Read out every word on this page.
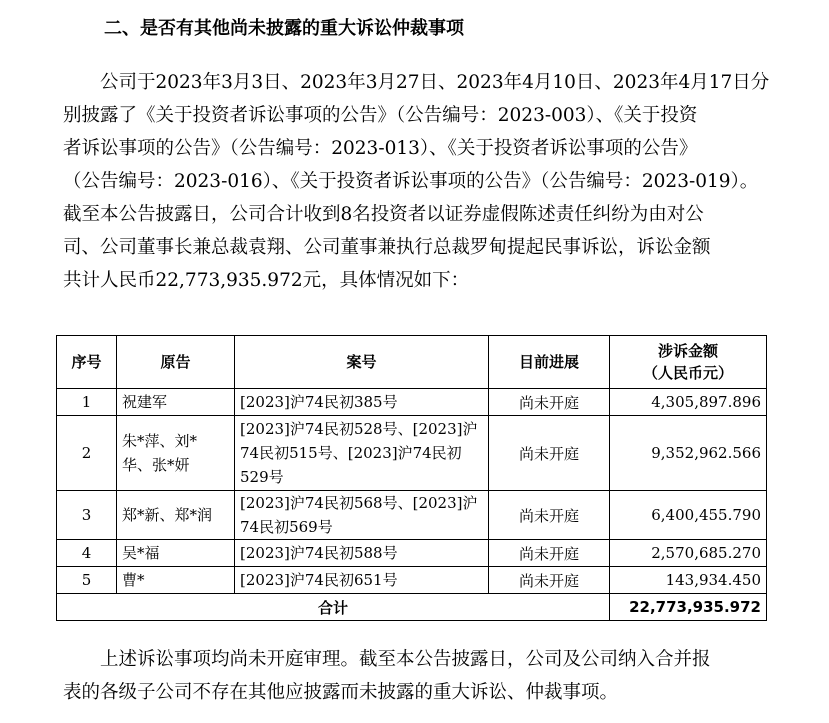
二、是否有其他尚未披露的重大诉讼仲裁事项
　　公司于2023年3月3日、2023年3月27日、2023年4月10日、2023年4月17日分
别披露了《关于投资者诉讼事项的公告》（公告编号：2023-003）、《关于投资
者诉讼事项的公告》（公告编号：2023-013）、《关于投资者诉讼事项的公告》
（公告编号：2023-016）、《关于投资者诉讼事项的公告》（公告编号：2023-019）。
截至本公告披露日，公司合计收到8名投资者以证券虚假陈述责任纠纷为由对公
司、公司董事长兼总裁袁翔、公司董事兼执行总裁罗甸提起民事诉讼，诉讼金额
共计人民币22,773,935.972元，具体情况如下：
序号	原告	案号	目前进展	涉诉金额
（人民币元）

1	祝建军	[2023]沪74民初385号	尚未开庭	4,305,897.896
2	朱*萍、刘*
华、张*妍	[2023]沪74民初528号、[2023]沪
74民初515号、[2023]沪74民初
529号	尚未开庭	9,352,962.566
3	郑*新、郑*润	[2023]沪74民初568号、[2023]沪
74民初569号	尚未开庭	6,400,455.790
4	吴*福	[2023]沪74民初588号	尚未开庭	2,570,685.270
5	曹*	[2023]沪74民初651号	尚未开庭	143,934.450
合计				22,773,935.972
　　上述诉讼事项均尚未开庭审理。截至本公告披露日，公司及公司纳入合并报
表的各级子公司不存在其他应披露而未披露的重大诉讼、仲裁事项。
